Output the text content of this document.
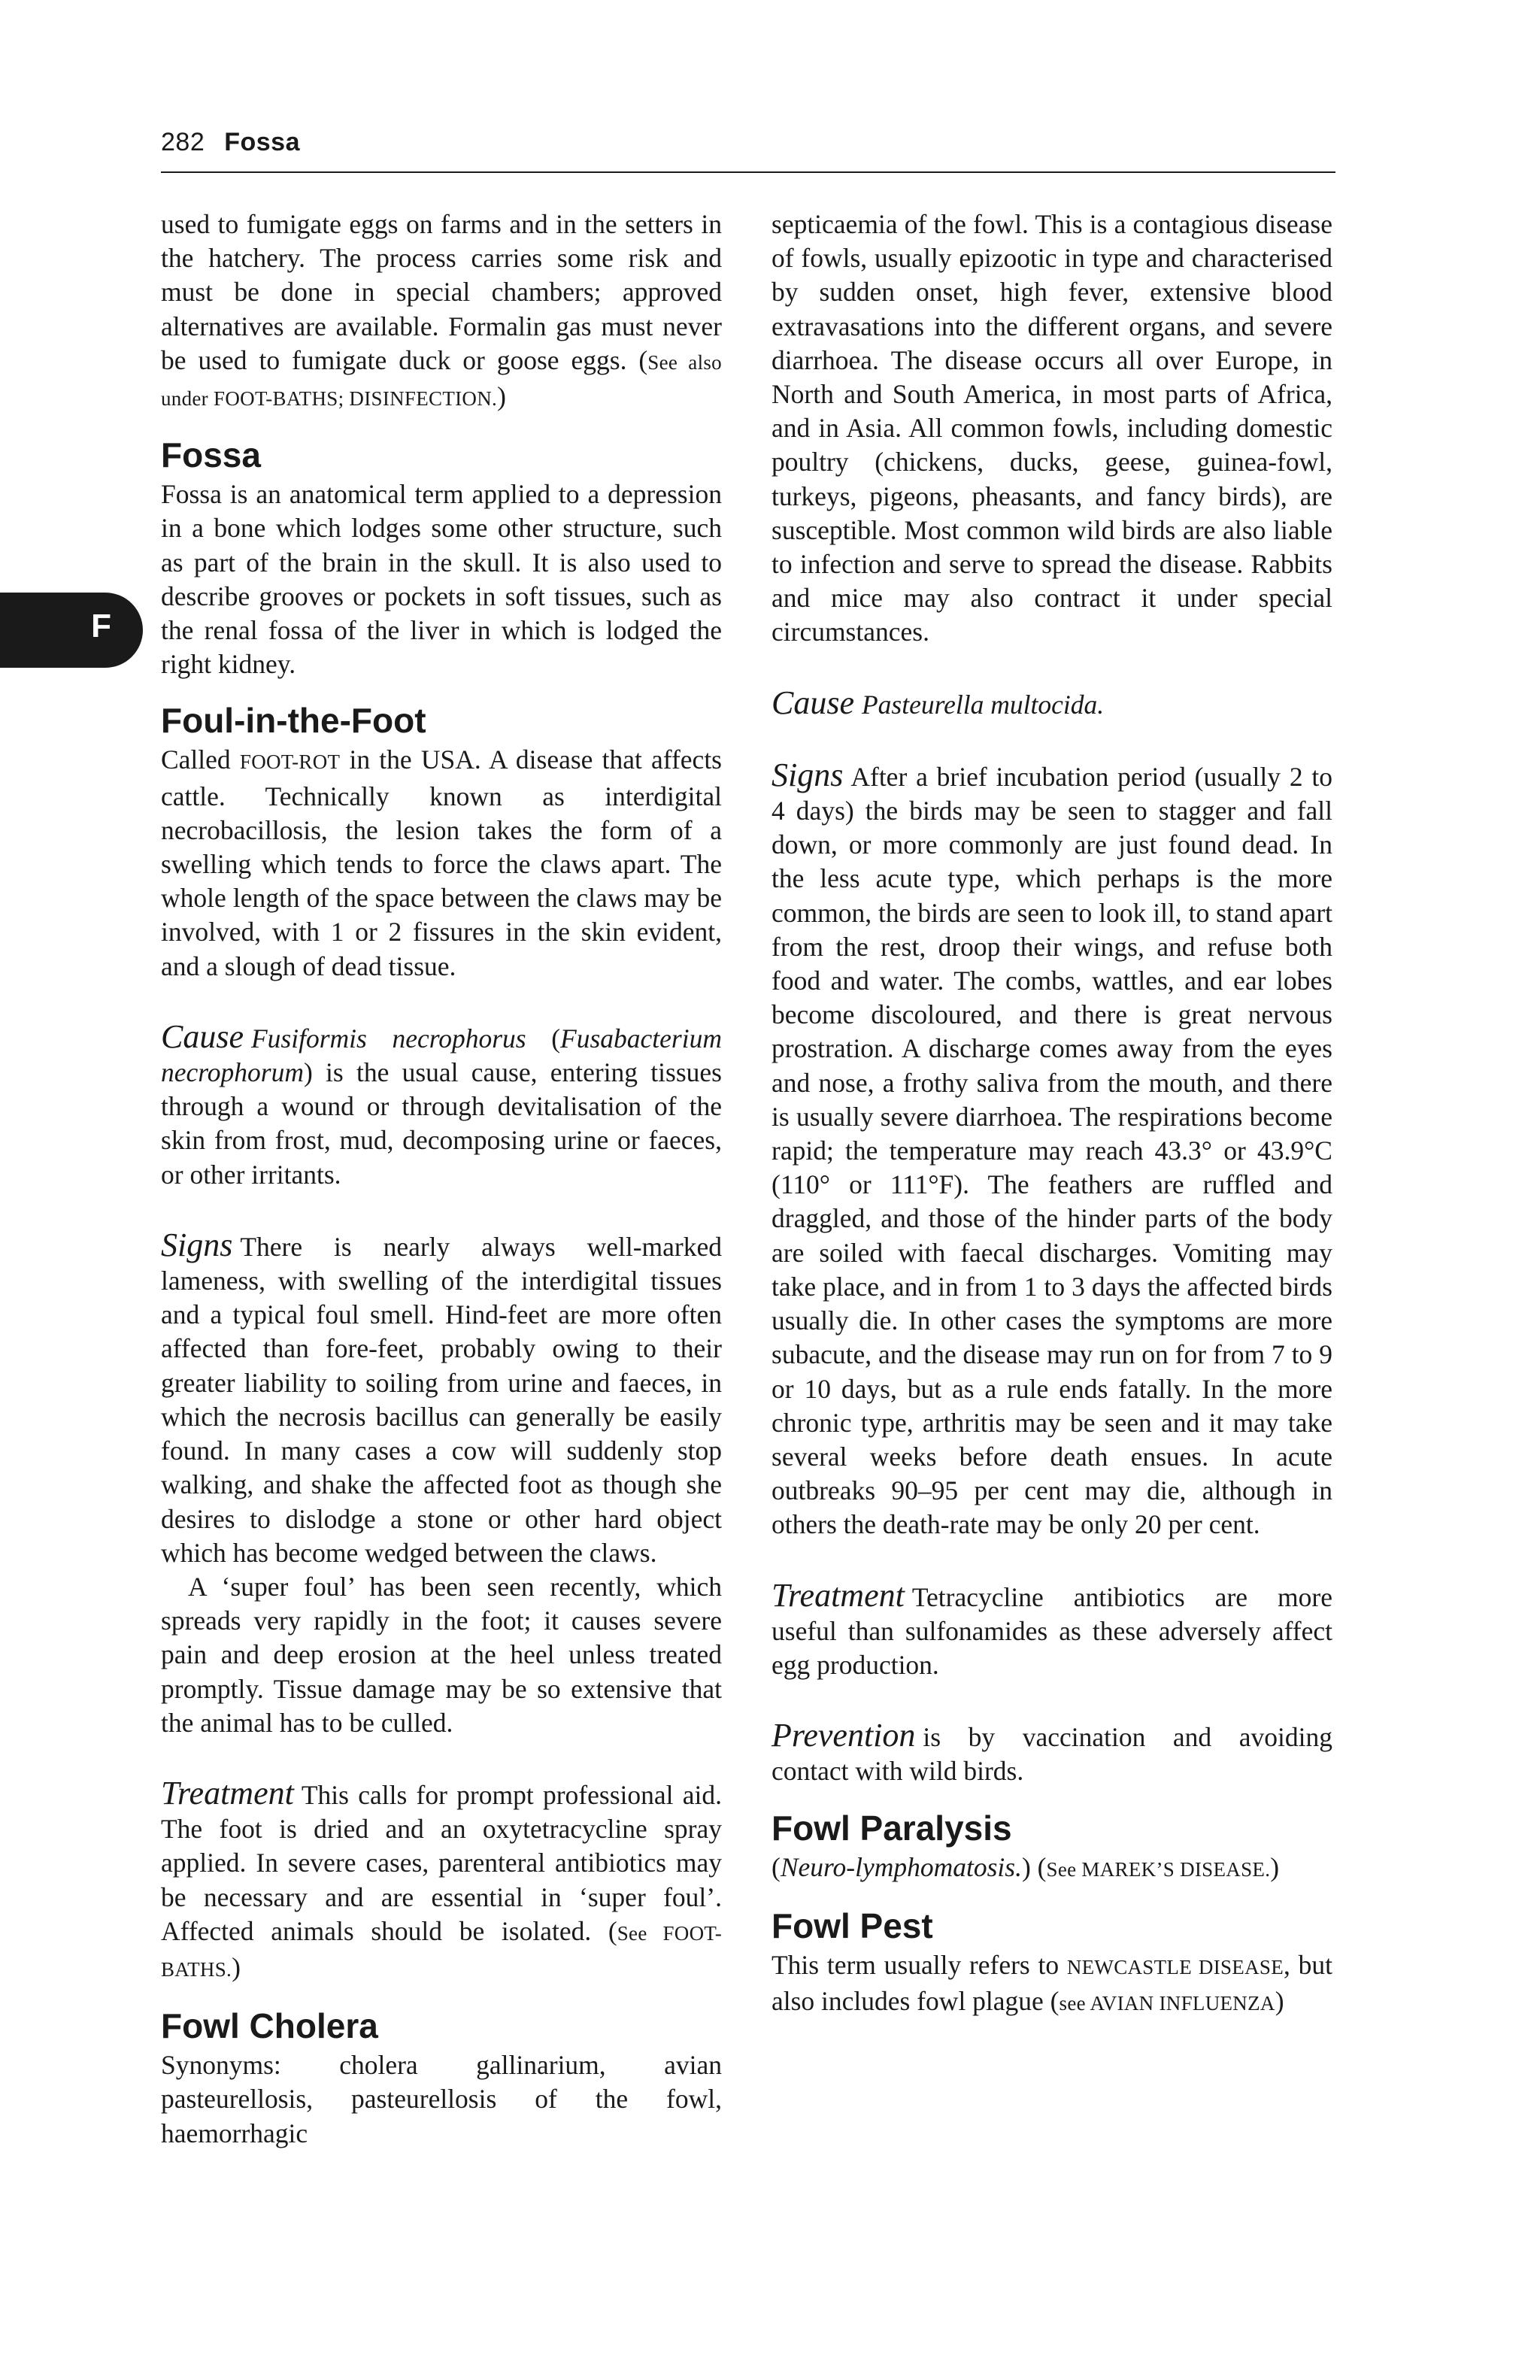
282 Fossa
F

used to fumigate eggs on farms and in the setters in the hatchery. The process carries some risk and must be done in special chambers; approved alternatives are available. Formalin gas must never be used to fumigate duck or goose eggs. (See also under FOOT-BATHS; DISINFECTION.)

Fossa

Fossa is an anatomical term applied to a depression in a bone which lodges some other structure, such as part of the brain in the skull. It is also used to describe grooves or pockets in soft tissues, such as the renal fossa of the liver in which is lodged the right kidney.

Foul-in-the-Foot

Called FOOT-ROT in the USA. A disease that affects cattle. Technically known as interdigital necrobacillosis, the lesion takes the form of a swelling which tends to force the claws apart. The whole length of the space between the claws may be involved, with 1 or 2 fissures in the skin evident, and a slough of dead tissue.

Cause Fusiformis necrophorus (Fusabacterium necrophorum) is the usual cause, entering tissues through a wound or through devitalisation of the skin from frost, mud, decomposing urine or faeces, or other irritants.

Signs There is nearly always well-marked lameness, with swelling of the interdigital tissues and a typical foul smell. Hind-feet are more often affected than fore-feet, probably owing to their greater liability to soiling from urine and faeces, in which the necrosis bacillus can generally be easily found. In many cases a cow will suddenly stop walking, and shake the affected foot as though she desires to dislodge a stone or other hard object which has become wedged between the claws.

A ‘super foul’ has been seen recently, which spreads very rapidly in the foot; it causes severe pain and deep erosion at the heel unless treated promptly. Tissue damage may be so extensive that the animal has to be culled.

Treatment This calls for prompt professional aid. The foot is dried and an oxytetracycline spray applied. In severe cases, parenteral antibiotics may be necessary and are essential in ‘super foul’. Affected animals should be isolated. (See FOOT-BATHS.)

Fowl Cholera

Synonyms: cholera gallinarium, avian pasteurellosis, pasteurellosis of the fowl, haemorrhagic

septicaemia of the fowl. This is a contagious disease of fowls, usually epizootic in type and characterised by sudden onset, high fever, extensive blood extravasations into the different organs, and severe diarrhoea. The disease occurs all over Europe, in North and South America, in most parts of Africa, and in Asia. All common fowls, including domestic poultry (chickens, ducks, geese, guinea-fowl, turkeys, pigeons, pheasants, and fancy birds), are susceptible. Most common wild birds are also liable to infection and serve to spread the disease. Rabbits and mice may also contract it under special circumstances.

Cause Pasteurella multocida.

Signs After a brief incubation period (usually 2 to 4 days) the birds may be seen to stagger and fall down, or more commonly are just found dead. In the less acute type, which perhaps is the more common, the birds are seen to look ill, to stand apart from the rest, droop their wings, and refuse both food and water. The combs, wattles, and ear lobes become discoloured, and there is great nervous prostration. A discharge comes away from the eyes and nose, a frothy saliva from the mouth, and there is usually severe diarrhoea. The respirations become rapid; the temperature may reach 43.3° or 43.9°C (110° or 111°F). The feathers are ruffled and draggled, and those of the hinder parts of the body are soiled with faecal discharges. Vomiting may take place, and in from 1 to 3 days the affected birds usually die. In other cases the symptoms are more subacute, and the disease may run on for from 7 to 9 or 10 days, but as a rule ends fatally. In the more chronic type, arthritis may be seen and it may take several weeks before death ensues. In acute outbreaks 90–95 per cent may die, although in others the death-rate may be only 20 per cent.

Treatment Tetracycline antibiotics are more useful than sulfonamides as these adversely affect egg production.

Prevention is by vaccination and avoiding contact with wild birds.

Fowl Paralysis

(Neuro-lymphomatosis.) (See MAREK’S DISEASE.)

Fowl Pest

This term usually refers to NEWCASTLE DISEASE, but also includes fowl plague (see AVIAN INFLUENZA)
